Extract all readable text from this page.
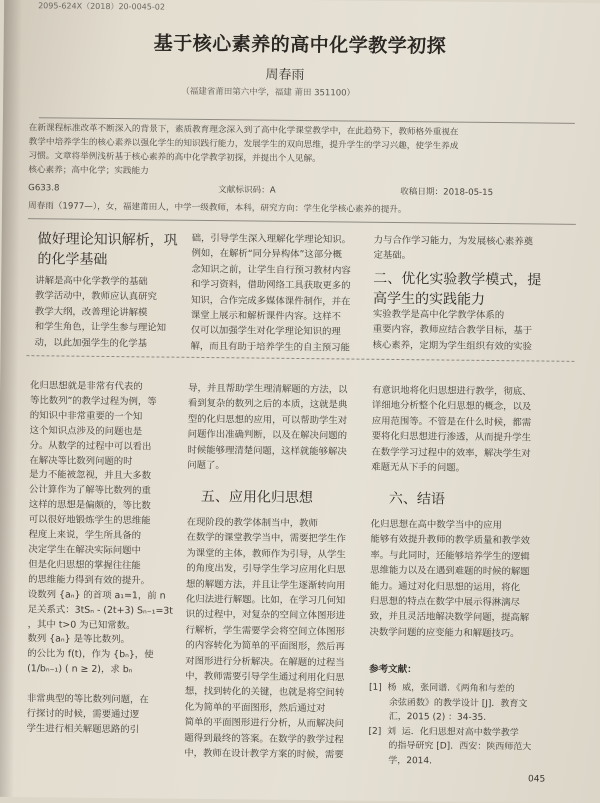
2095-624X（2018）20-0045-02
基于核心素养的高中化学教学初探
周春雨
（福建省莆田第六中学，福建 莆田 351100）
在新课程标准改革不断深入的背景下，素质教育理念深入到了高中化学课堂教学中，在此趋势下，教师格外重视在
教学中培养学生的核心素养以强化学生的知识践行能力，发展学生的双向思维，提升学生的学习兴趣，使学生养成
习惯。文章将举例浅析基于核心素养的高中化学教学初探，并提出个人见解。
核心素养；高中化学；实践能力
G633.8	文献标识码：A	收稿日期：2018-05-15
周春雨（1977—），女，福建莆田人，中学一级教师，本科，研究方向：学生化学核心素养的提升。
做好理论知识解析，巩
的化学基础
讲解是高中化学教学的基础
教学活动中，教师应认真研究
教学大纲，改善理论讲解模
和学生角色，让学生参与理论知
动，以此加强学生的化学基
础，引导学生深入理解化学理论知识。
例如，在解析“同分异构体”这部分概
念知识之前，让学生自行预习教材内容
和学习资料，借助网络工具获取更多的
知识，合作完成多媒体课件制作，并在
课堂上展示和解析课件内容。这样不
仅可以加强学生对化学理论知识的理
解，而且有助于培养学生的自主预习能
力与合作学习能力，为发展核心素养奠
定基础。
二、优化实验教学模式，提
高学生的实践能力
实验教学是高中化学教学体系的
重要内容，教师应结合教学目标，基于
核心素养，定期为学生组织有效的实验
化归思想就是非常有代表的
等比数列”的教学过程为例，等
的知识中非常重要的一个知
这个知识点涉及的问题也是
分。从数学的过程中可以看出
在解决等比数列问题的时
是力不能被忽视，并且大多数
公计算作为了解等比数列的重
这样的思想是偏颇的，等比数
可以很好地锻炼学生的思维能
程度上来说，学生所具备的
决定学生在解决实际问题中
但是化归思想的掌握往往能
的思维能力得到有效的提升。
设数列 {aₙ} 的首项 a₁=1，前 n
足关系式：3tSₙ - (2t+3) Sₙ₋₁=3t
，其中 t>0 为已知常数。
数列 {aₙ} 是等比数列。
的公比为 f(t)，作为 {bₙ}，使
(1/bₙ₋₁) ( n ≥ 2)，求 bₙ

非常典型的等比数列问题，在
行探讨的时候，需要通过逻
学生进行相关解题思路的引
导，并且帮助学生理清解题的方法，以
看到复杂的数列之后的本质，这就是典
型的化归思想的应用，可以帮助学生对
问题作出准确判断，以及在解决问题的
时候能够理清楚问题，这样就能够解决
问题了。
五、应用化归思想
在现阶段的教学体制当中，教师
在数学的课堂教学当中，需要把学生作
为课堂的主体，教师作为引导，从学生
的角度出发，引导学生学习应用化归思
想的解题方法，并且让学生逐渐转向用
化归法进行解题。比如，在学习几何知
识的过程中，对复杂的空间立体图形进
行解析，学生需要学会将空间立体图形
的内容转化为简单的平面图形，然后再
对图形进行分析解决。在解题的过程当
中，教师需要引导学生通过利用化归思
想，找到转化的关键，也就是将空间转
化为简单的平面图形，然后通过对
简单的平面图形进行分析，从而解决问
题得到最终的答案。在数学的教学过程
中，教师在设计教学方案的时候，需要
有意识地将化归思想进行教学，彻底、
详细地分析整个化归思想的概念，以及
应用范围等。不管是在什么时候，都需
要将化归思想进行渗透，从而提升学生
在数学学习过程中的效率，解决学生对
难题无从下手的问题。
六、结语
化归思想在高中数学当中的应用
能够有效提升教师的教学质量和教学效
率。与此同时，还能够培养学生的逻辑
思维能力以及在遇到难题的时候的解题
能力。通过对化归思想的运用，将化
归思想的特点在数学中展示得淋漓尽
致，并且灵活地解决数学问题，提高解
决数学问题的应变能力和解题技巧。
参考文献：
[1]  杨  威，张同谱．《两角和与差的
余弦函数》的教学设计 [J]．教育文
汇，2015 (2) ：34-35．
[2]  刘  运．化归思想对高中数学教学
的指导研究 [D]．西安：陕西师范大
学，2014．
045
